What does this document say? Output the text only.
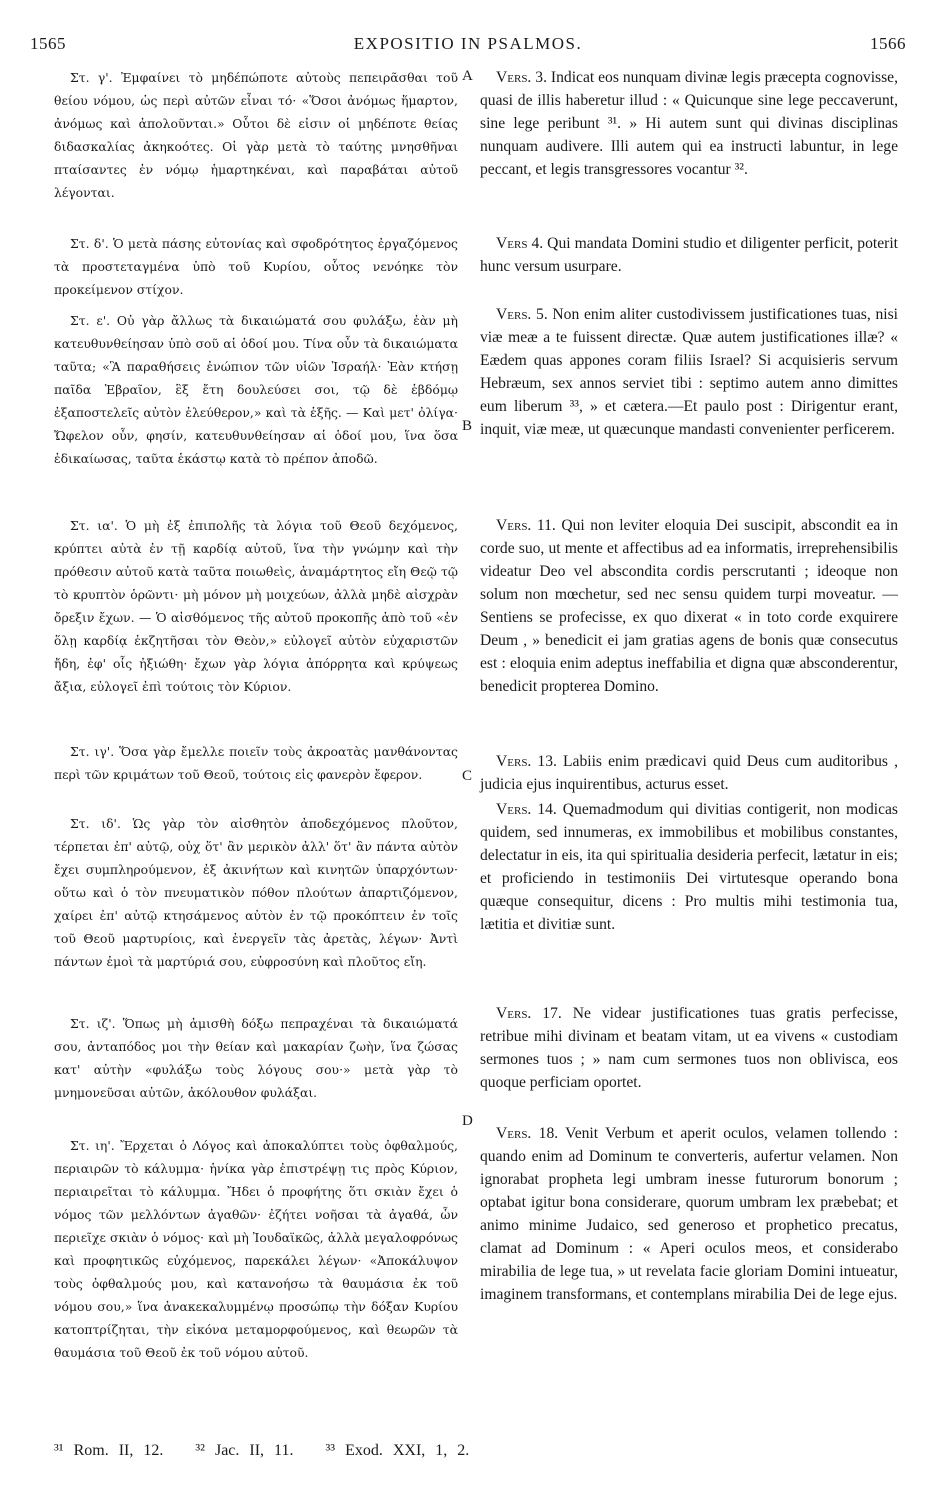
1565	EXPOSITIO IN PSALMOS.	1566

Στ. γ'. Ἐμφαίνει τὸ μηδέπώποτε αὐτοὺς πεπειρᾶσθαι τοῦ θείου νόμου, ὡς περὶ αὐτῶν εἶναι τό· «Ὅσοι ἀνόμως ἥμαρτον, ἀνόμως καὶ ἀπολοῦνται.» Οὗτοι δὲ εἰσιν οἱ μηδέποτε θείας διδασκαλίας ἀκηκοότες. Οἱ γὰρ μετὰ τὸ ταύτης μνησθῆναι πταίσαντες ἐν νόμῳ ἡμαρτηκέναι, καὶ παραβάται αὐτοῦ λέγονται.

Στ. δ'. Ὁ μετὰ πάσης εὐτονίας καὶ σφοδρότητος ἐργαζόμενος τὰ προστεταγμένα ὑπὸ τοῦ Κυρίου, οὗτος νενόηκε τὸν προκείμενον στίχον.

Στ. ε'. Οὐ γὰρ ἄλλως τὰ δικαιώματά σου φυλάξω, ἐὰν μὴ κατευθυνθείησαν ὑπὸ σοῦ αἱ ὁδοί μου. Τίνα οὖν τὰ δικαιώματα ταῦτα; «Ἃ παραθήσεις ἐνώπιον τῶν υἱῶν Ἰσραήλ· Ἐὰν κτήσῃ παῖδα Ἑβραῖον, ἓξ ἔτη δουλεύσει σοι, τῷ δὲ ἑβδόμῳ ἐξαποστελεῖς αὐτὸν ἐλεύθερον,» καὶ τὰ ἑξῆς. — Καὶ μετ' ὀλίγα· Ὤφελον οὖν, φησίν, κατευθυνθείησαν αἱ ὁδοί μου, ἵνα ὅσα ἐδικαίωσας, ταῦτα ἑκάστῳ κατὰ τὸ πρέπον ἀποδῶ.

Στ. ια'. Ὁ μὴ ἐξ ἐπιπολῆς τὰ λόγια τοῦ Θεοῦ δεχόμενος, κρύπτει αὐτὰ ἐν τῇ καρδίᾳ αὐτοῦ, ἵνα τὴν γνώμην καὶ τὴν πρόθεσιν αὐτοῦ κατὰ ταῦτα ποιωθεὶς, ἀναμάρτητος εἴη Θεῷ τῷ τὸ κρυπτὸν ὁρῶντι· μὴ μόνον μὴ μοιχεύων, ἀλλὰ μηδὲ αἰσχρὰν ὄρεξιν ἔχων. — Ὁ αἰσθόμενος τῆς αὐτοῦ προκοπῆς ἀπὸ τοῦ «ἐν ὅλῃ καρδίᾳ ἐκζητῆσαι τὸν Θεὸν,» εὐλογεῖ αὐτὸν εὐχαριστῶν ἤδη, ἐφ' οἷς ἠξιώθη· ἔχων γὰρ λόγια ἀπόρρητα καὶ κρύψεως ἄξια, εὐλογεῖ ἐπὶ τούτοις τὸν Κύριον.

Στ. ιγ'. Ὅσα γὰρ ἔμελλε ποιεῖν τοὺς ἀκροατὰς μανθάνοντας περὶ τῶν κριμάτων τοῦ Θεοῦ, τούτοις εἰς φανερὸν ἔφερον.

Στ. ιδ'. Ὡς γὰρ τὸν αἰσθητὸν ἀποδεχόμενος πλοῦτον, τέρπεται ἐπ' αὐτῷ, οὐχ ὅτ' ἂν μερικὸν ἀλλ' ὅτ' ἂν πάντα αὐτὸν ἔχει συμπληρούμενον, ἐξ ἀκινήτων καὶ κινητῶν ὑπαρχόντων· οὕτω καὶ ὁ τὸν πνευματικὸν πόθον πλούτων ἀπαρτιζόμενον, χαίρει ἐπ' αὐτῷ κτησάμενος αὐτὸν ἐν τῷ προκόπτειν ἐν τοῖς τοῦ Θεοῦ μαρτυρίοις, καὶ ἐνεργεῖν τὰς ἀρετὰς, λέγων· Ἀντὶ πάντων ἐμοὶ τὰ μαρτύριά σου, εὐφροσύνη καὶ πλοῦτος εἴη.

Στ. ιζ'. Ὅπως μὴ ἀμισθὴ δόξω πεπραχέναι τὰ δικαιώματά σου, ἀνταπόδος μοι τὴν θείαν καὶ μακαρίαν ζωὴν, ἵνα ζώσας κατ' αὐτὴν «φυλάξω τοὺς λόγους σου·» μετὰ γὰρ τὸ μνημονεῦσαι αὐτῶν, ἀκόλουθον φυλάξαι.

Στ. ιη'. Ἔρχεται ὁ Λόγος καὶ ἀποκαλύπτει τοὺς ὀφθαλμούς, περιαιρῶν τὸ κάλυμμα· ἡνίκα γὰρ ἐπιστρέψῃ τις πρὸς Κύριον, περιαιρεῖται τὸ κάλυμμα. Ἤδει ὁ προφήτης ὅτι σκιὰν ἔχει ὁ νόμος τῶν μελλόντων ἀγαθῶν· ἐζήτει νοῆσαι τὰ ἀγαθά, ὧν περιεῖχε σκιὰν ὁ νόμος· καὶ μὴ Ἰουδαϊκῶς, ἀλλὰ μεγαλοφρόνως καὶ προφητικῶς εὐχόμενος, παρεκάλει λέγων· «Ἀποκάλυψον τοὺς ὀφθαλμούς μου, καὶ κατανοήσω τὰ θαυμάσια ἐκ τοῦ νόμου σου,» ἵνα ἀνακεκαλυμμένῳ προσώπῳ τὴν δόξαν Κυρίου κατοπτρίζηται, τὴν εἰκόνα μεταμορφούμενος, καὶ θεωρῶν τὰ θαυμάσια τοῦ Θεοῦ ἐκ τοῦ νόμου αὐτοῦ.

A
B
C
D

Vers. 3. Indicat eos nunquam divinæ legis præcepta cognovisse, quasi de illis haberetur illud : « Quicunque sine lege peccaverunt, sine lege peribunt ³¹. » Hi autem sunt qui divinas disciplinas nunquam audivere. Illi autem qui ea instructi labuntur, in lege peccant, et legis transgressores vocantur ³².

Vers 4. Qui mandata Domini studio et diligenter perficit, poterit hunc versum usurpare.

Vers. 5. Non enim aliter custodivissem justificationes tuas, nisi viæ meæ a te fuissent directæ. Quæ autem justificationes illæ? « Eædem quas appones coram filiis Israel? Si acquisieris servum Hebræum, sex annos serviet tibi : septimo autem anno dimittes eum liberum ³³, » et cætera.—Et paulo post : Dirigentur erant, inquit, viæ meæ, ut quæcunque mandasti convenienter perficerem.

Vers. 11. Qui non leviter eloquia Dei suscipit, abscondit ea in corde suo, ut mente et affectibus ad ea informatis, irreprehensibilis videatur Deo vel abscondita cordis perscrutanti ; ideoque non solum non mœchetur, sed nec sensu quidem turpi moveatur. — Sentiens se profecisse, ex quo dixerat « in toto corde exquirere Deum , » benedicit ei jam gratias agens de bonis quæ consecutus est : eloquia enim adeptus ineffabilia et digna quæ absconderentur, benedicit propterea Domino.

Vers. 13. Labiis enim prædicavi quid Deus cum auditoribus , judicia ejus inquirentibus, acturus esset.

Vers. 14. Quemadmodum qui divitias contigerit, non modicas quidem, sed innumeras, ex immobilibus et mobilibus constantes, delectatur in eis, ita qui spiritualia desideria perfecit, lætatur in eis; et proficiendo in testimoniis Dei virtutesque operando bona quæque consequitur, dicens : Pro multis mihi testimonia tua, lætitia et divitiæ sunt.

Vers. 17. Ne videar justificationes tuas gratis perfecisse, retribue mihi divinam et beatam vitam, ut ea vivens « custodiam sermones tuos ; » nam cum sermones tuos non oblivisca, eos quoque perficiam oportet.

Vers. 18. Venit Verbum et aperit oculos, velamen tollendo : quando enim ad Dominum te converteris, aufertur velamen. Non ignorabat propheta legi umbram inesse futurorum bonorum ; optabat igitur bona considerare, quorum umbram lex præbebat; et animo minime Judaico, sed generoso et prophetico precatus, clamat ad Dominum : « Aperi oculos meos, et considerabo mirabilia de lege tua, » ut revelata facie gloriam Domini intueatur, imaginem transformans, et contemplans mirabilia Dei de lege ejus.

³¹ Rom. II, 12. ³² Jac. II, 11. ³³ Exod. XXI, 1, 2.
